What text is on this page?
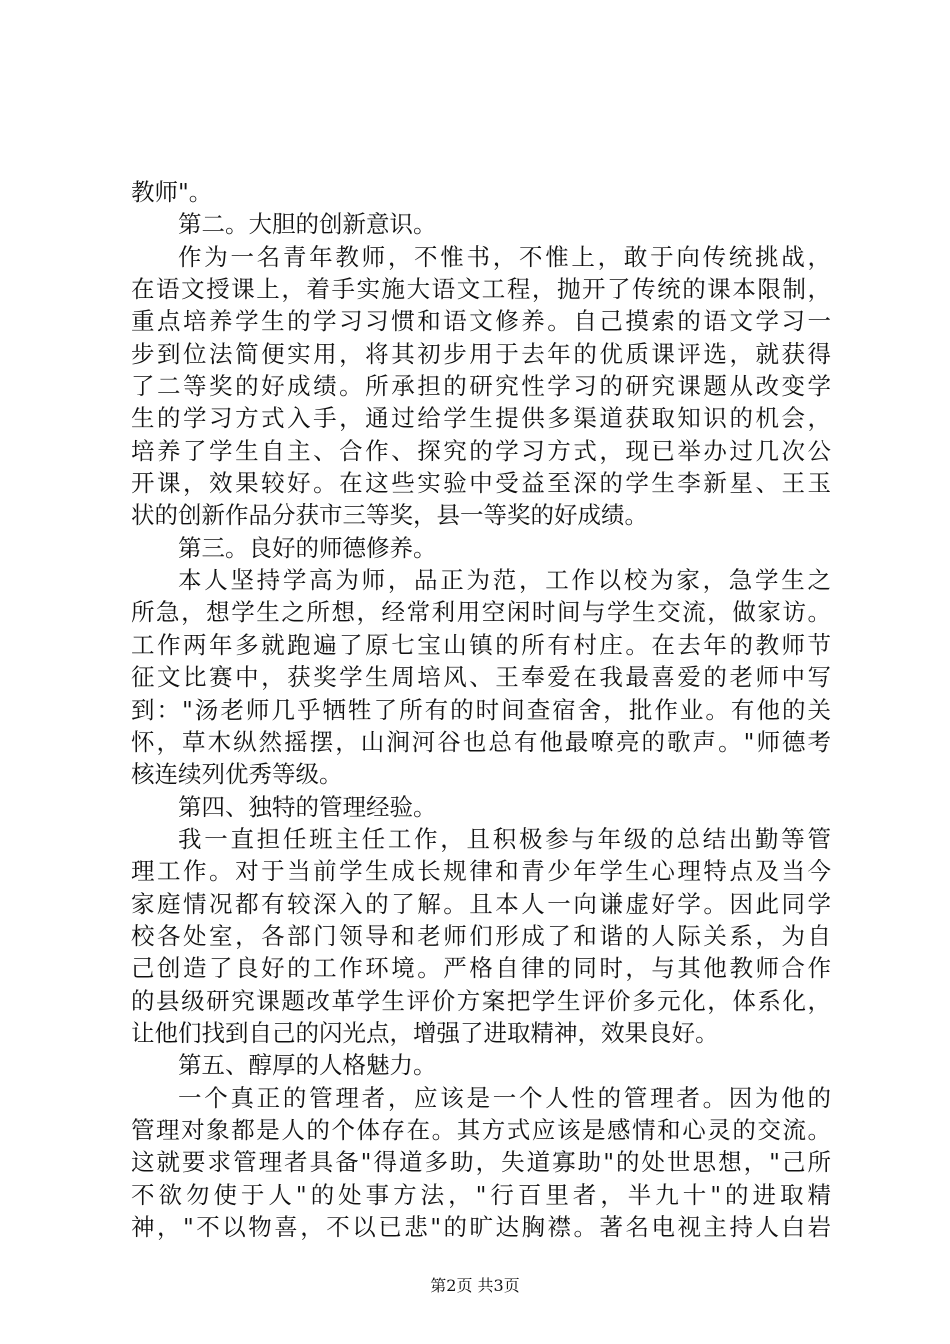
教师"。
第二。大胆的创新意识。
作为一名青年教师，不惟书，不惟上，敢于向传统挑战，
在语文授课上，着手实施大语文工程，抛开了传统的课本限制，
重点培养学生的学习习惯和语文修养。自己摸索的语文学习一
步到位法简便实用，将其初步用于去年的优质课评选，就获得
了二等奖的好成绩。所承担的研究性学习的研究课题从改变学
生的学习方式入手，通过给学生提供多渠道获取知识的机会，
培养了学生自主、合作、探究的学习方式，现已举办过几次公
开课，效果较好。在这些实验中受益至深的学生李新星、王玉
状的创新作品分获市三等奖，县一等奖的好成绩。
第三。良好的师德修养。
本人坚持学高为师，品正为范，工作以校为家，急学生之
所急，想学生之所想，经常利用空闲时间与学生交流，做家访。
工作两年多就跑遍了原七宝山镇的所有村庄。在去年的教师节
征文比赛中，获奖学生周培风、王奉爱在我最喜爱的老师中写
到："汤老师几乎牺牲了所有的时间查宿舍，批作业。有他的关
怀，草木纵然摇摆，山涧河谷也总有他最嘹亮的歌声。"师德考
核连续列优秀等级。
第四、独特的管理经验。
我一直担任班主任工作，且积极参与年级的总结出勤等管
理工作。对于当前学生成长规律和青少年学生心理特点及当今
家庭情况都有较深入的了解。且本人一向谦虚好学。因此同学
校各处室，各部门领导和老师们形成了和谐的人际关系，为自
己创造了良好的工作环境。严格自律的同时，与其他教师合作
的县级研究课题改革学生评价方案把学生评价多元化，体系化，
让他们找到自己的闪光点，增强了进取精神，效果良好。
第五、醇厚的人格魅力。
一个真正的管理者，应该是一个人性的管理者。因为他的
管理对象都是人的个体存在。其方式应该是感情和心灵的交流。
这就要求管理者具备"得道多助，失道寡助"的处世思想，"己所
不欲勿使于人"的处事方法，"行百里者，半九十"的进取精
神，"不以物喜，不以已悲"的旷达胸襟。著名电视主持人白岩
第2页 共3页
